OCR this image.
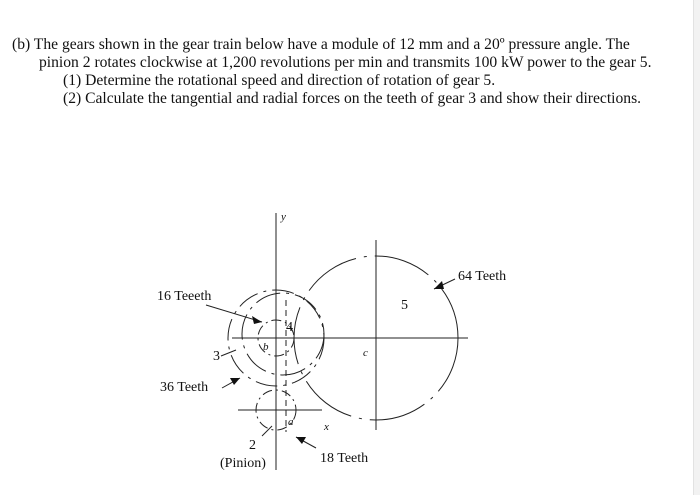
(b) The gears shown in the gear train below have a module of 12 mm and a 20º pressure angle. The pinion 2 rotates clockwise at 1,200 revolutions per min and transmits 100 kW power to the gear 5.

(1) Determine the rotational speed and direction of rotation of gear 5.

(2) Calculate the tangential and radial forces on the teeth of gear 3 and show their directions.

16 Teeeth
36 Teeth
64 Teeth
18 Teeth
(Pinion)
2
3
4
5
y
x
a
b	c
